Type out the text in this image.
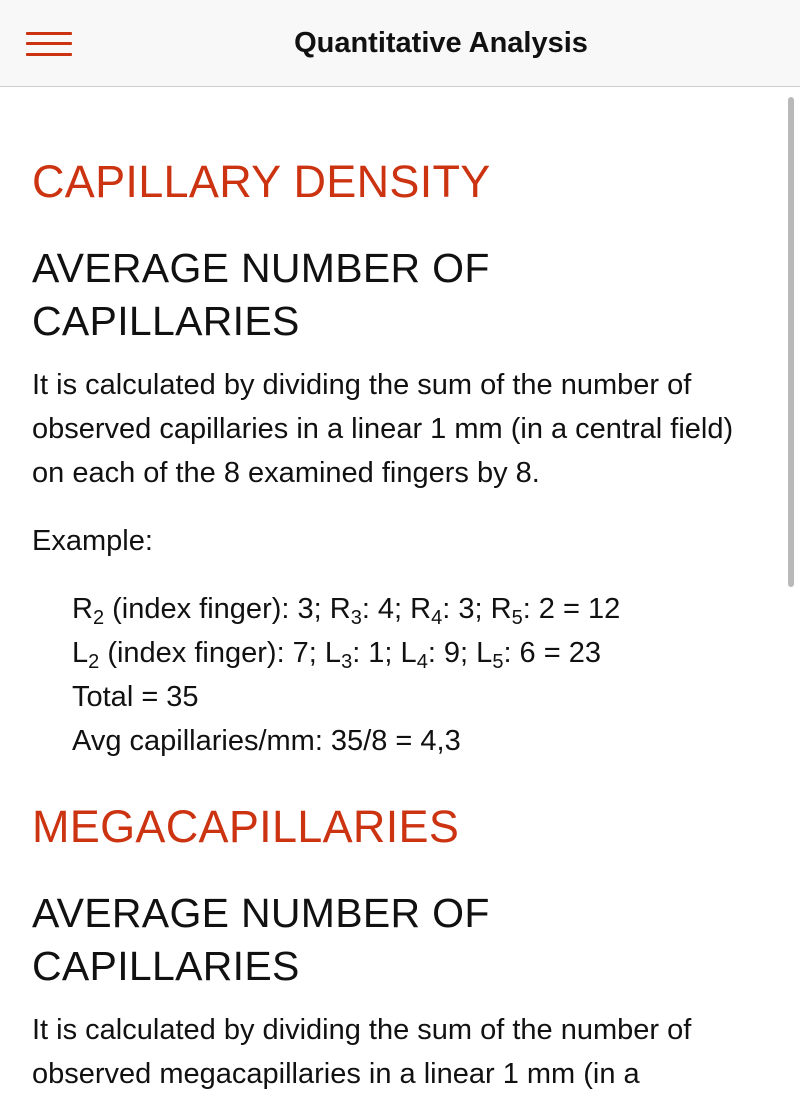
Quantitative Analysis
CAPILLARY DENSITY
AVERAGE NUMBER OF CAPILLARIES

It is calculated by dividing the sum of the number of observed capillaries in a linear 1 mm (in a central field) on each of the 8 examined fingers by 8.

Example:

$R_2$ (index finger): 3; $R_3$: 4; $R_4$: 3; $R_5$: 2 = 12
$L_2$ (index finger): 7; $L_3$: 1; $L_4$: 9; $L_5$: 6 = 23
Total = 35
Avg capillaries/mm: 35/8 = 4,3
MEGACAPILLARIES
AVERAGE NUMBER OF CAPILLARIES

It is calculated by dividing the sum of the number of observed megacapillaries in a linear 1 mm (in a
